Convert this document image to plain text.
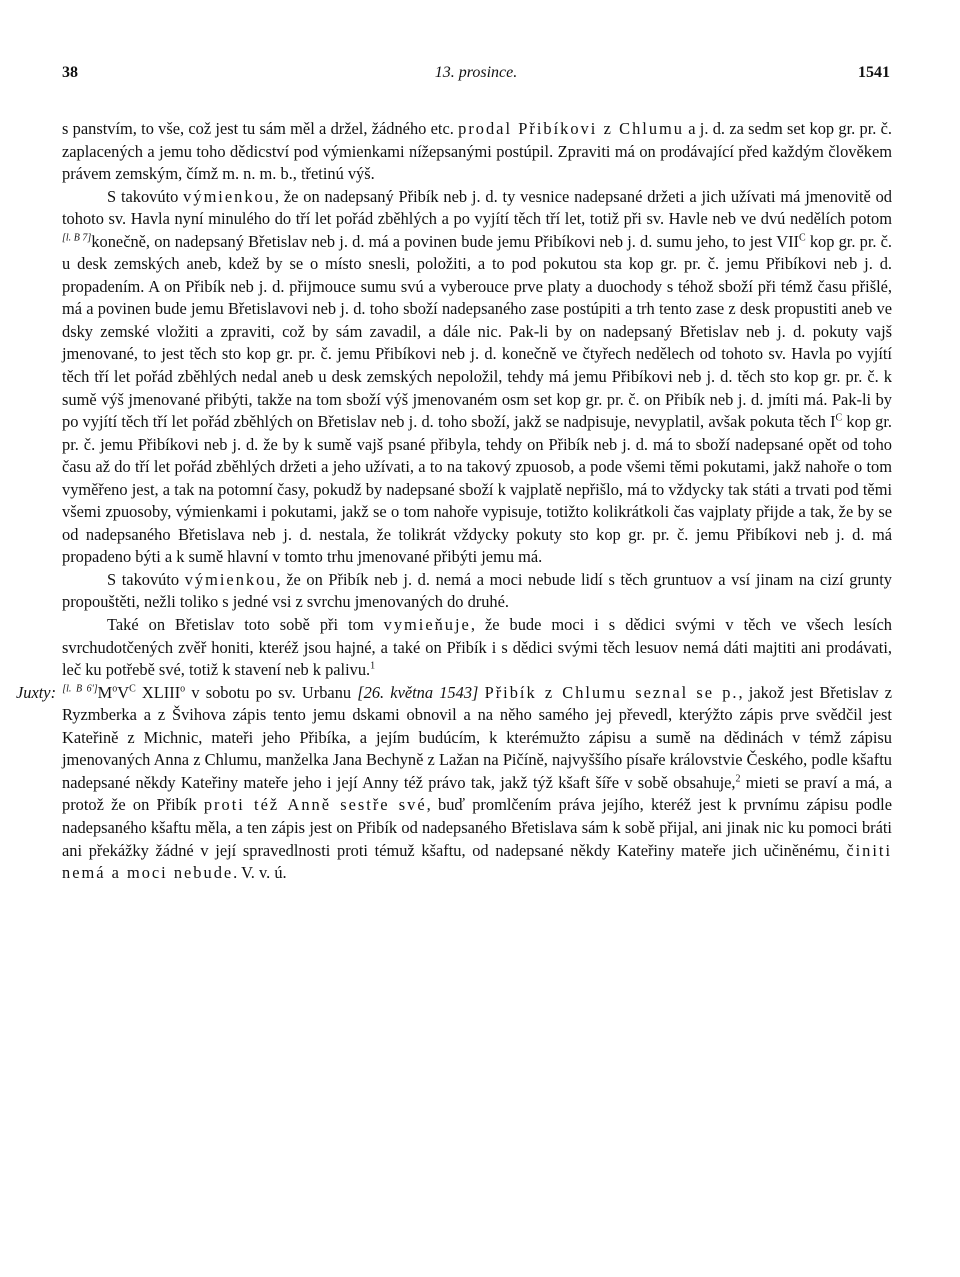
38	13. prosince.	1541

s panstvím, to vše, což jest tu sám měl a držel, žádného etc. prodal Přibíkovi z Chlumu a j. d. za sedm set kop gr. pr. č. zaplacených a jemu toho dědicství pod výmienkami nížepsanými postúpil. Zpraviti má on prodávající před každým člověkem právem zemským, čímž m. n. m. b., třetinú výš.

S takovúto výmienkou, že on nadepsaný Přibík neb j. d. ty vesnice nadepsané držeti a jich užívati má jmenovitě od tohoto sv. Havla nyní minulého do tří let pořád zběhlých a po vyjítí těch tří let, totiž při sv. Havle neb ve dvú nedělích potom [l. B 7]konečně, on nadepsaný Břetislav neb j. d. má a povinen bude jemu Přibíkovi neb j. d. sumu jeho, to jest $VII^C$ kop gr. pr. č. u desk zemských aneb, kdež by se o místo snesli, položiti, a to pod pokutou sta kop gr. pr. č. jemu Přibíkovi neb j. d. propadením. A on Přibík neb j. d. přijmouce sumu svú a vyberouce prve platy a duochody s téhož sboží při témž času přišlé, má a povinen bude jemu Břetislavovi neb j. d. toho sboží nadepsaného zase postúpiti a trh tento zase z desk propustiti aneb ve dsky zemské vložiti a zpraviti, což by sám zavadil, a dále nic. Pak-li by on nadepsaný Břetislav neb j. d. pokuty vajš jmenované, to jest těch sto kop gr. pr. č. jemu Přibíkovi neb j. d. konečně ve čtyřech nedělech od tohoto sv. Havla po vyjítí těch tří let pořád zběhlých nedal aneb u desk zemských nepoložil, tehdy má jemu Přibíkovi neb j. d. těch sto kop gr. pr. č. k sumě výš jmenované přibýti, takže na tom sboží výš jmenovaném osm set kop gr. pr. č. on Přibík neb j. d. jmíti má. Pak-li by po vyjítí těch tří let pořád zběhlých on Břetislav neb j. d. toho sboží, jakž se nadpisuje, nevyplatil, avšak pokuta těch $I^C$ kop gr. pr. č. jemu Přibíkovi neb j. d. že by k sumě vajš psané přibyla, tehdy on Přibík neb j. d. má to sboží nadepsané opět od toho času až do tří let pořád zběhlých držeti a jeho užívati, a to na takový zpuosob, a pode všemi těmi pokutami, jakž nahoře o tom vyměřeno jest, a tak na potomní časy, pokudž by nadepsané sboží k vajplatě nepřišlo, má to vždycky tak státi a trvati pod těmi všemi zpuosoby, výmienkami i pokutami, jakž se o tom nahoře vypisuje, totižto kolikrátkoli čas vajplaty přijde a tak, že by se od nadepsaného Břetislava neb j. d. nestala, že tolikrát vždycky pokuty sto kop gr. pr. č. jemu Přibíkovi neb j. d. má propadeno býti a k sumě hlavní v tomto trhu jmenované přibýti jemu má.

S takovúto výmienkou, že on Přibík neb j. d. nemá a moci nebude lidí s těch gruntuov a vsí jinam na cizí grunty propouštěti, nežli toliko s jedné vsi z svrchu jmenovaných do druhé.

Také on Břetislav toto sobě při tom vymieňuje, že bude moci i s dědici svými v těch ve všech lesích svrchudotčených zvěř honiti, kteréž jsou hajné, a také on Přibík i s dědici svými těch lesuov nemá dáti majtiti ani prodávati, leč ku potřebě své, totiž k stavení neb k palivu.$^1$

Juxty: $[l. B 6']M^oV^C$ XLIII$^o$ v sobotu po sv. Urbanu [26. května 1543] Přibík z Chlumu seznal se p., jakož jest Břetislav z Ryzmberka a z Švihova zápis tento jemu dskami obnovil a na něho samého jej převedl, kterýžto zápis prve svědčil jest Kateřině z Michnic, mateři jeho Přibíka, a jejím budúcím, k kterémužto zápisu a sumě na dědinách v témž zápisu jmenovaných Anna z Chlumu, manželka Jana Bechyně z Lažan na Pičíně, najvyššího písaře královstvie Českého, podle kšaftu nadepsané někdy Kateřiny mateře jeho i její Anny též právo tak, jakž týž kšaft šíře v sobě obsahuje,$^2$ mieti se praví a má, a protož že on Přibík proti též Anně sestře své, buď promlčením práva jejího, kteréž jest k prvnímu zápisu podle nadepsaného kšaftu měla, a ten zápis jest on Přibík od nadepsaného Břetislava sám k sobě přijal, ani jinak nic ku pomoci bráti ani překážky žádné v její spravedlnosti proti témuž kšaftu, od nadepsané někdy Kateřiny mateře jich učiněnému, činiti nemá a moci nebude. V. v. ú.
